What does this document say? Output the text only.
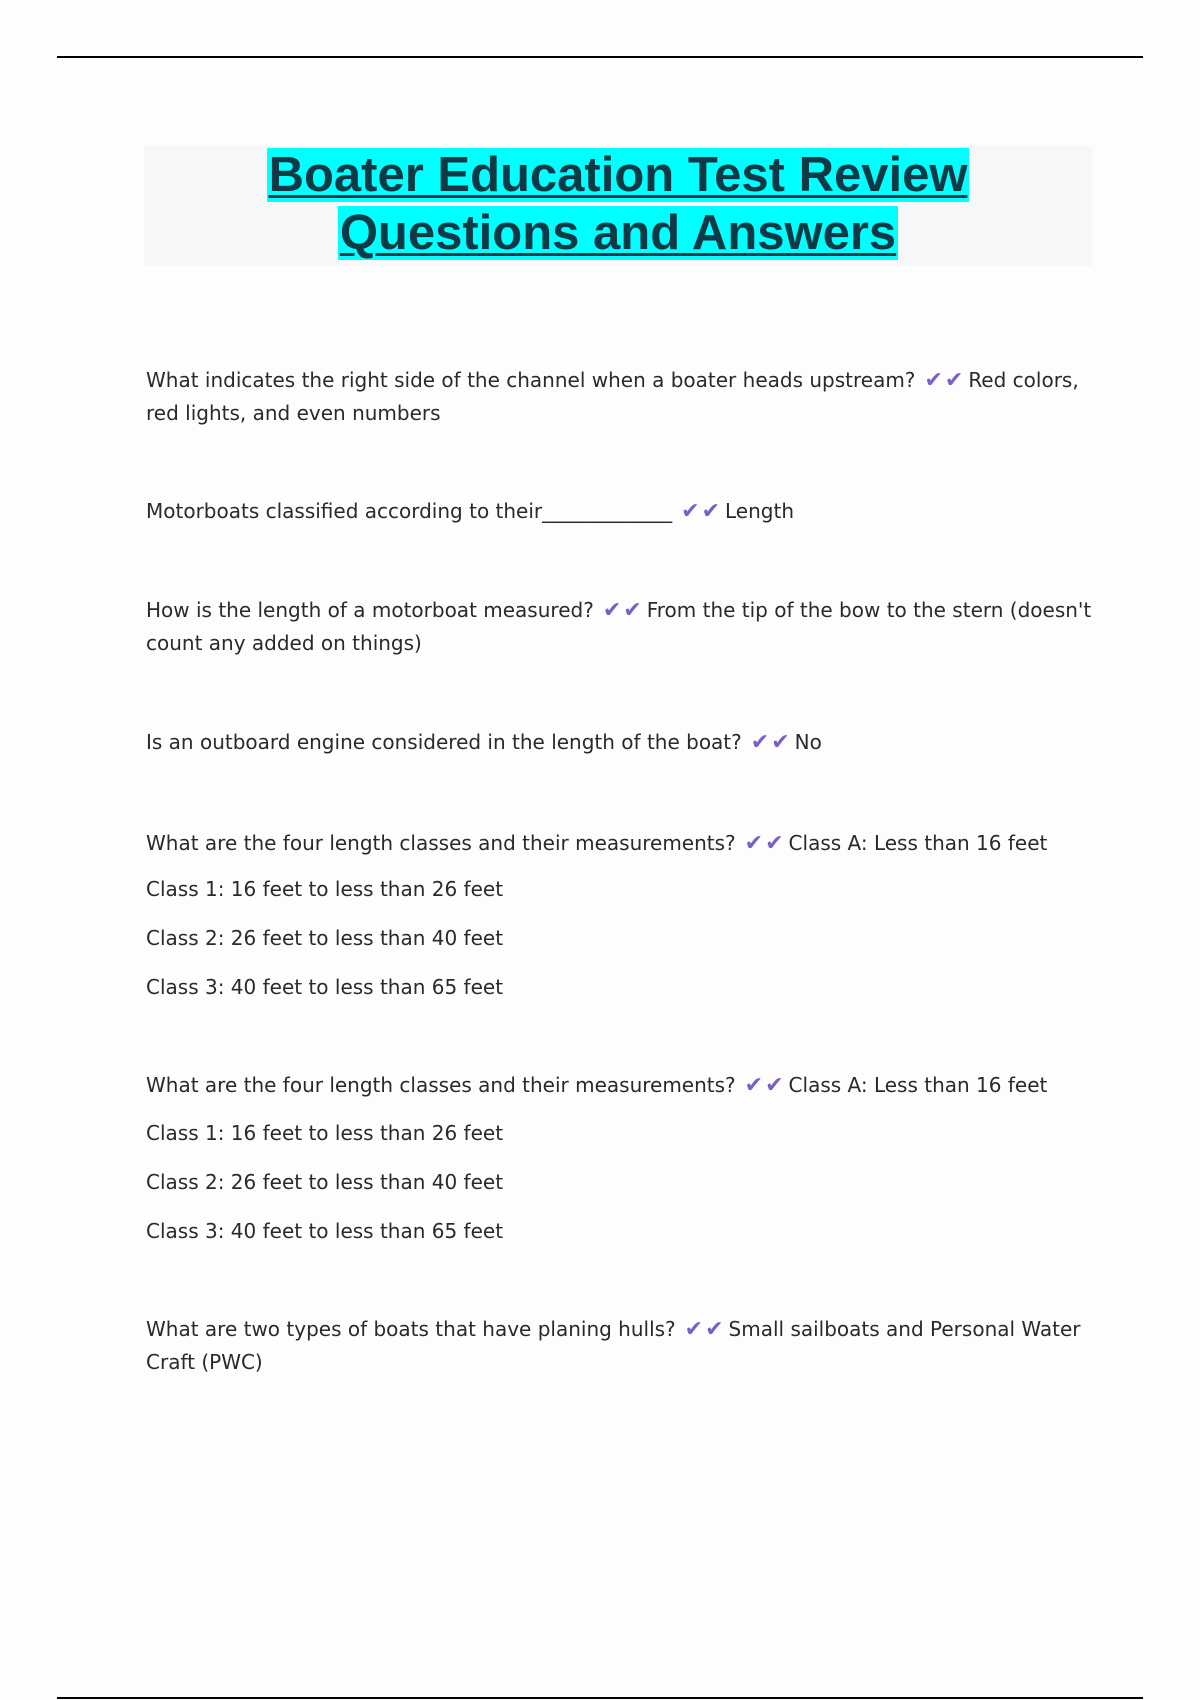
Boater Education Test Review
Questions and Answers
What indicates the right side of the channel when a boater heads upstream? ✔✔ Red colors, red lights, and even numbers
Motorboats classified according to their_____________ ✔✔ Length
How is the length of a motorboat measured? ✔✔ From the tip of the bow to the stern (doesn't count any added on things)
Is an outboard engine considered in the length of the boat? ✔✔ No
What are the four length classes and their measurements? ✔✔ Class A: Less than 16 feet
Class 1: 16 feet to less than 26 feet
Class 2: 26 feet to less than 40 feet
Class 3: 40 feet to less than 65 feet
What are the four length classes and their measurements? ✔✔ Class A: Less than 16 feet
Class 1: 16 feet to less than 26 feet
Class 2: 26 feet to less than 40 feet
Class 3: 40 feet to less than 65 feet
What are two types of boats that have planing hulls? ✔✔ Small sailboats and Personal Water Craft (PWC)
